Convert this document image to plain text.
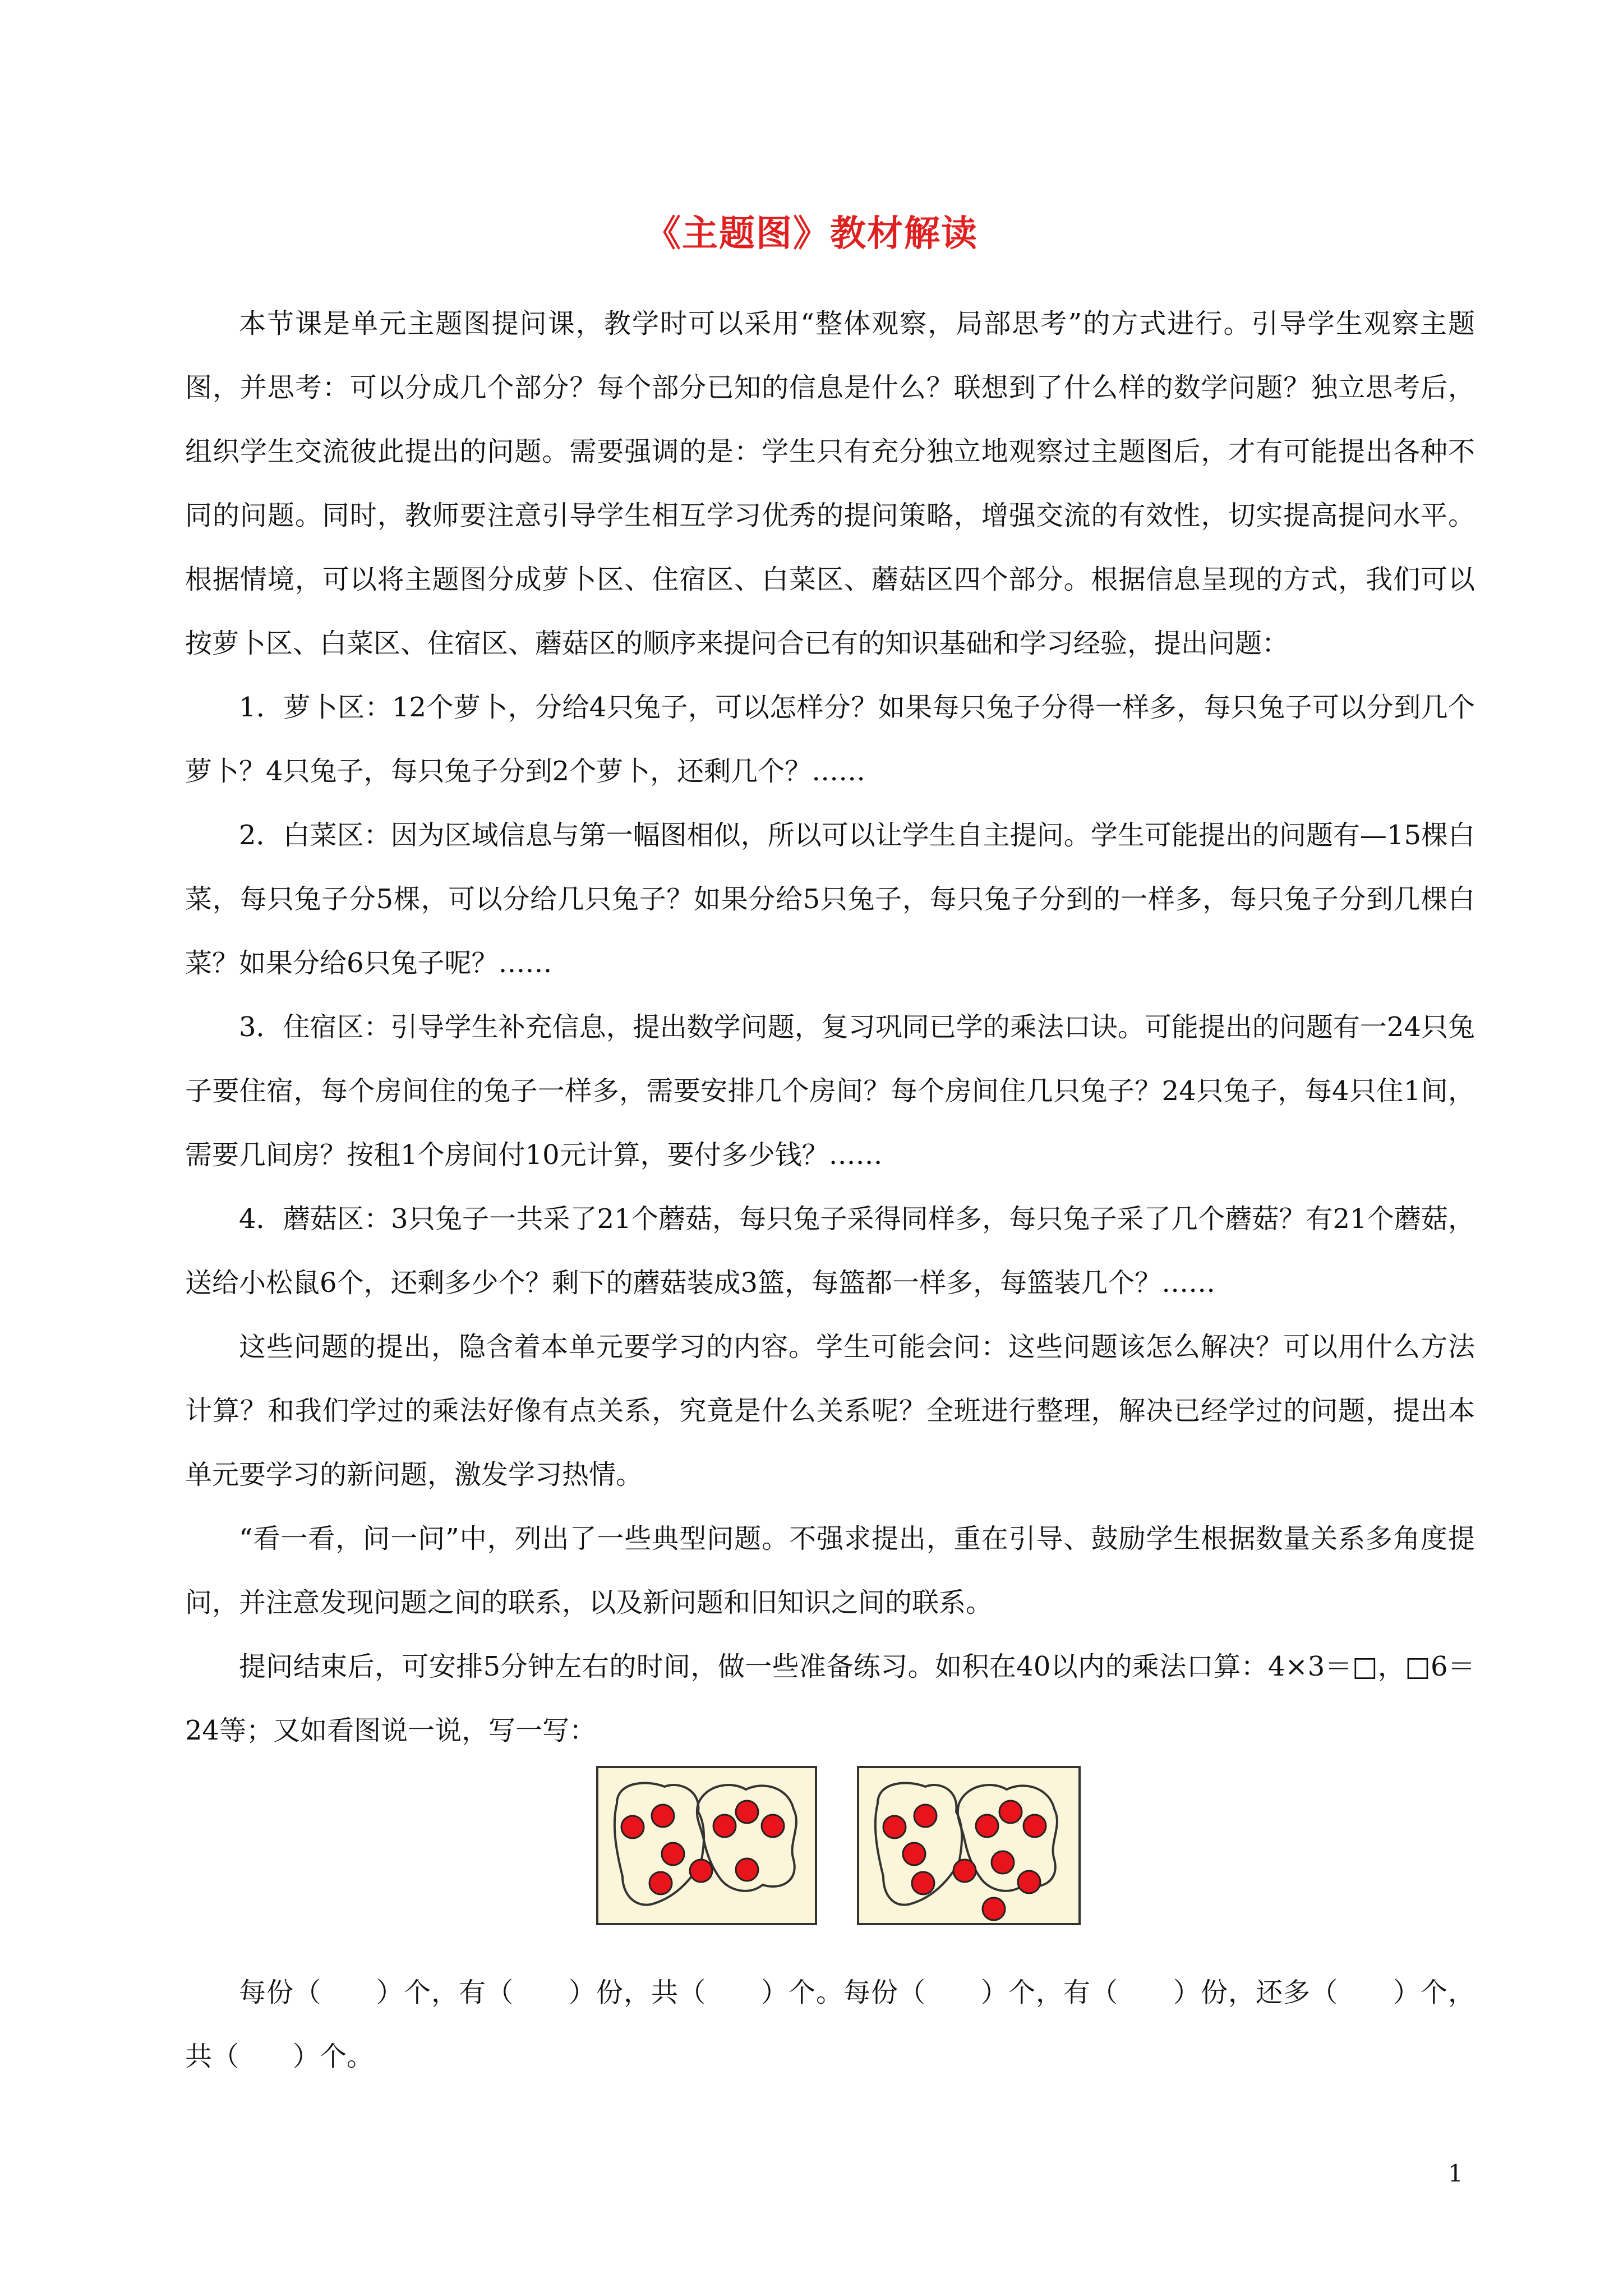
《主题图》教材解读

本节课是单元主题图提问课，教学时可以采用“整体观察，局部思考”的方式进行。引导学生观察主题图，并思考：可以分成几个部分？每个部分已知的信息是什么？联想到了什么样的数学问题？独立思考后，组织学生交流彼此提出的问题。需要强调的是：学生只有充分独立地观察过主题图后，才有可能提出各种不同的问题。同时，教师要注意引导学生相互学习优秀的提问策略，增强交流的有效性，切实提高提问水平。根据情境，可以将主题图分成萝卜区、住宿区、白菜区、蘑菇区四个部分。根据信息呈现的方式，我们可以按萝卜区、白菜区、住宿区、蘑菇区的顺序来提问合已有的知识基础和学习经验，提出问题：

1．萝卜区：12个萝卜，分给4只兔子，可以怎样分？如果每只兔子分得一样多，每只兔子可以分到几个萝卜？4只兔子，每只兔子分到2个萝卜，还剩几个？……

2．白菜区：因为区域信息与第一幅图相似，所以可以让学生自主提问。学生可能提出的问题有—15棵白菜，每只兔子分5棵，可以分给几只兔子？如果分给5只兔子，每只兔子分到的一样多，每只兔子分到几棵白菜？如果分给6只兔子呢？……

3．住宿区：引导学生补充信息，提出数学问题，复习巩同已学的乘法口诀。可能提出的问题有一24只兔子要住宿，每个房间住的兔子一样多，需要安排几个房间？每个房间住几只兔子？24只兔子，每4只住1间，需要几间房？按租1个房间付10元计算，要付多少钱？……

4．蘑菇区：3只兔子一共采了21个蘑菇，每只兔子采得同样多，每只兔子采了几个蘑菇？有21个蘑菇，送给小松鼠6个，还剩多少个？剩下的蘑菇装成3篮，每篮都一样多，每篮装几个？……

这些问题的提出，隐含着本单元要学习的内容。学生可能会问：这些问题该怎么解决？可以用什么方法计算？和我们学过的乘法好像有点关系，究竟是什么关系呢？全班进行整理，解决已经学过的问题，提出本单元要学习的新问题，激发学习热情。

“看一看，问一问”中，列出了一些典型问题。不强求提出，重在引导、鼓励学生根据数量关系多角度提问，并注意发现问题之间的联系，以及新问题和旧知识之间的联系。

提问结束后，可安排5分钟左右的时间，做一些准备练习。如积在40以内的乘法口算：4×3＝□，□6＝24等；又如看图说一说，写一写：

每份（　　）个，有（　　）份，共（　　）个。每份（　　）个，有（　　）份，还多（　　）个，共（　　）个。

1
